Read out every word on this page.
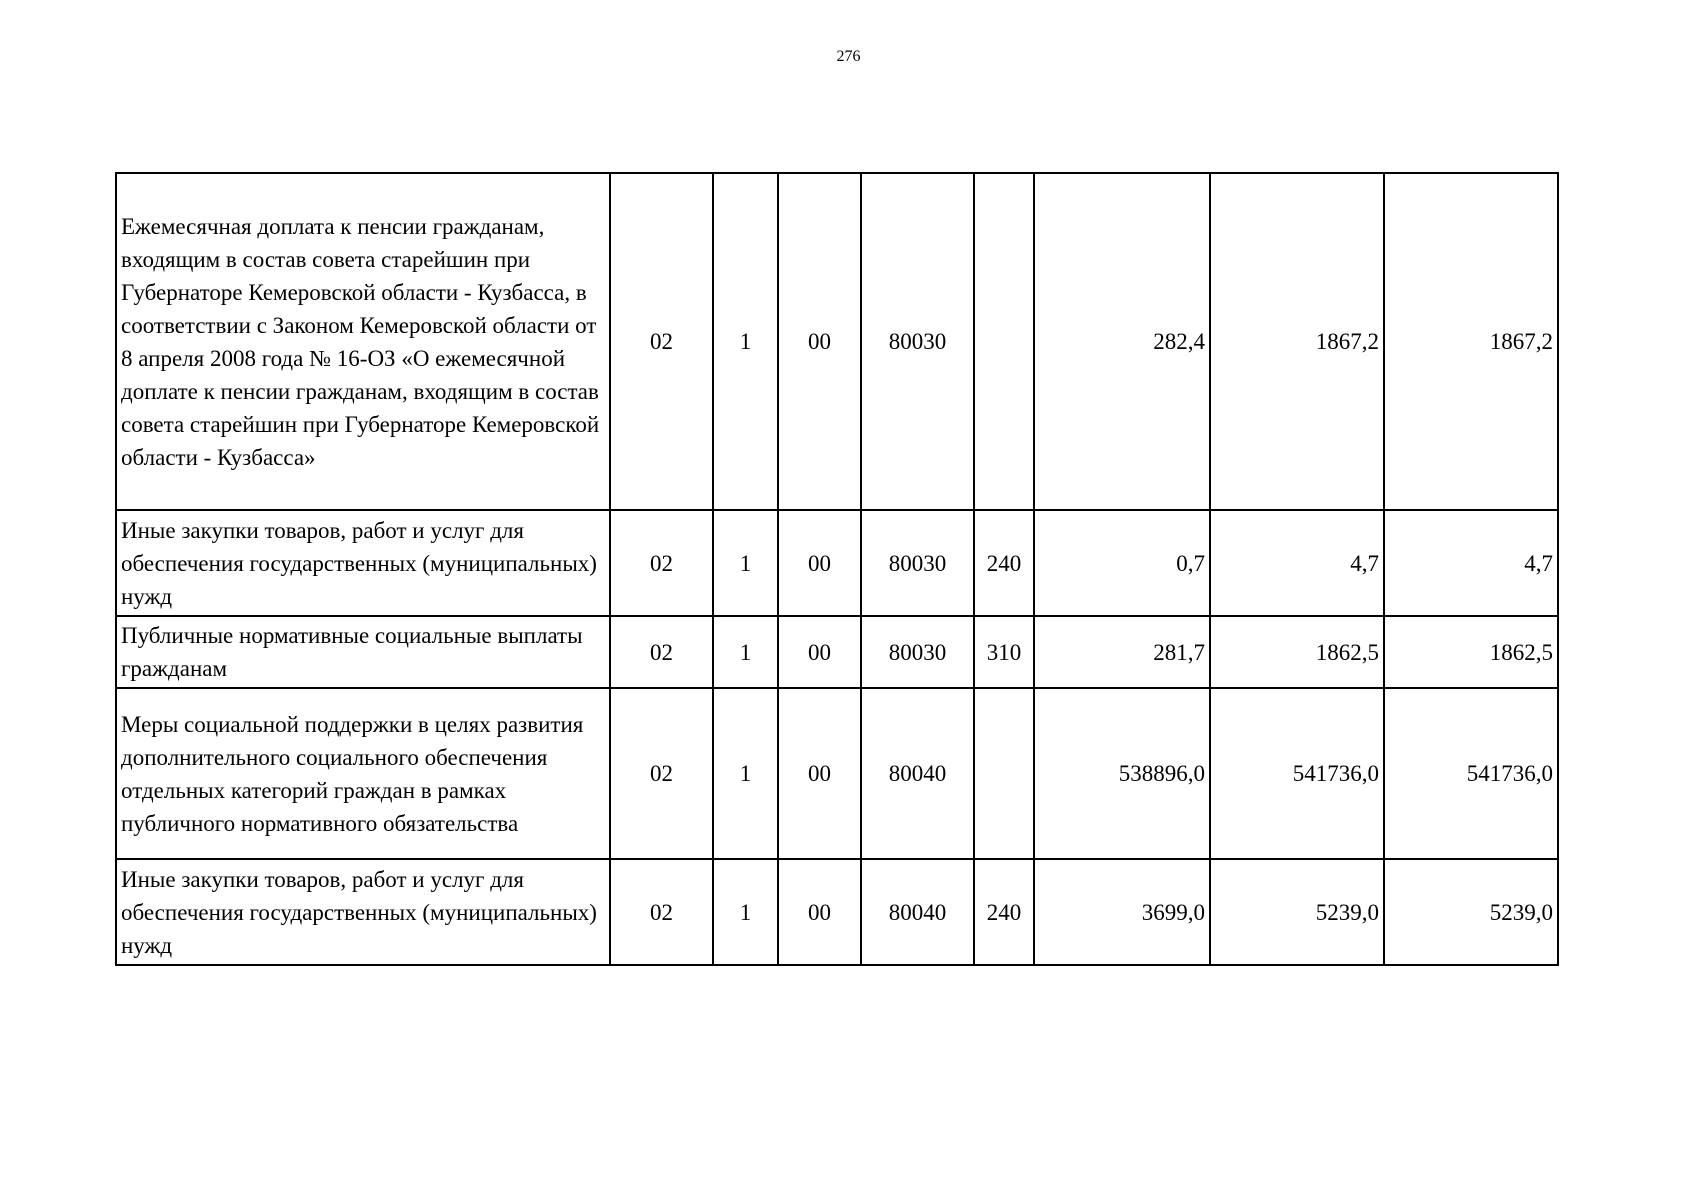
276
Ежемесячная доплата к пенсии гражданам, входящим в состав совета старейшин при Губернаторе Кемеровской области - Кузбасса, в соответствии с Законом Кемеровской области от 8 апреля 2008 года № 16-ОЗ «О ежемесячной доплате к пенсии гражданам, входящим в состав совета старейшин при Губернаторе Кемеровской области - Кузбасса»	02	1	00	80030		282,4	1867,2	1867,2
Иные закупки товаров, работ и услуг для обеспечения государственных (муниципальных) нужд	02	1	00	80030	240	0,7	4,7	4,7
Публичные нормативные социальные выплаты гражданам	02	1	00	80030	310	281,7	1862,5	1862,5
Меры социальной поддержки в целях развития дополнительного социального обеспечения отдельных категорий граждан в рамках публичного нормативного обязательства	02	1	00	80040		538896,0	541736,0	541736,0
Иные закупки товаров, работ и услуг для обеспечения государственных (муниципальных) нужд	02	1	00	80040	240	3699,0	5239,0	5239,0
